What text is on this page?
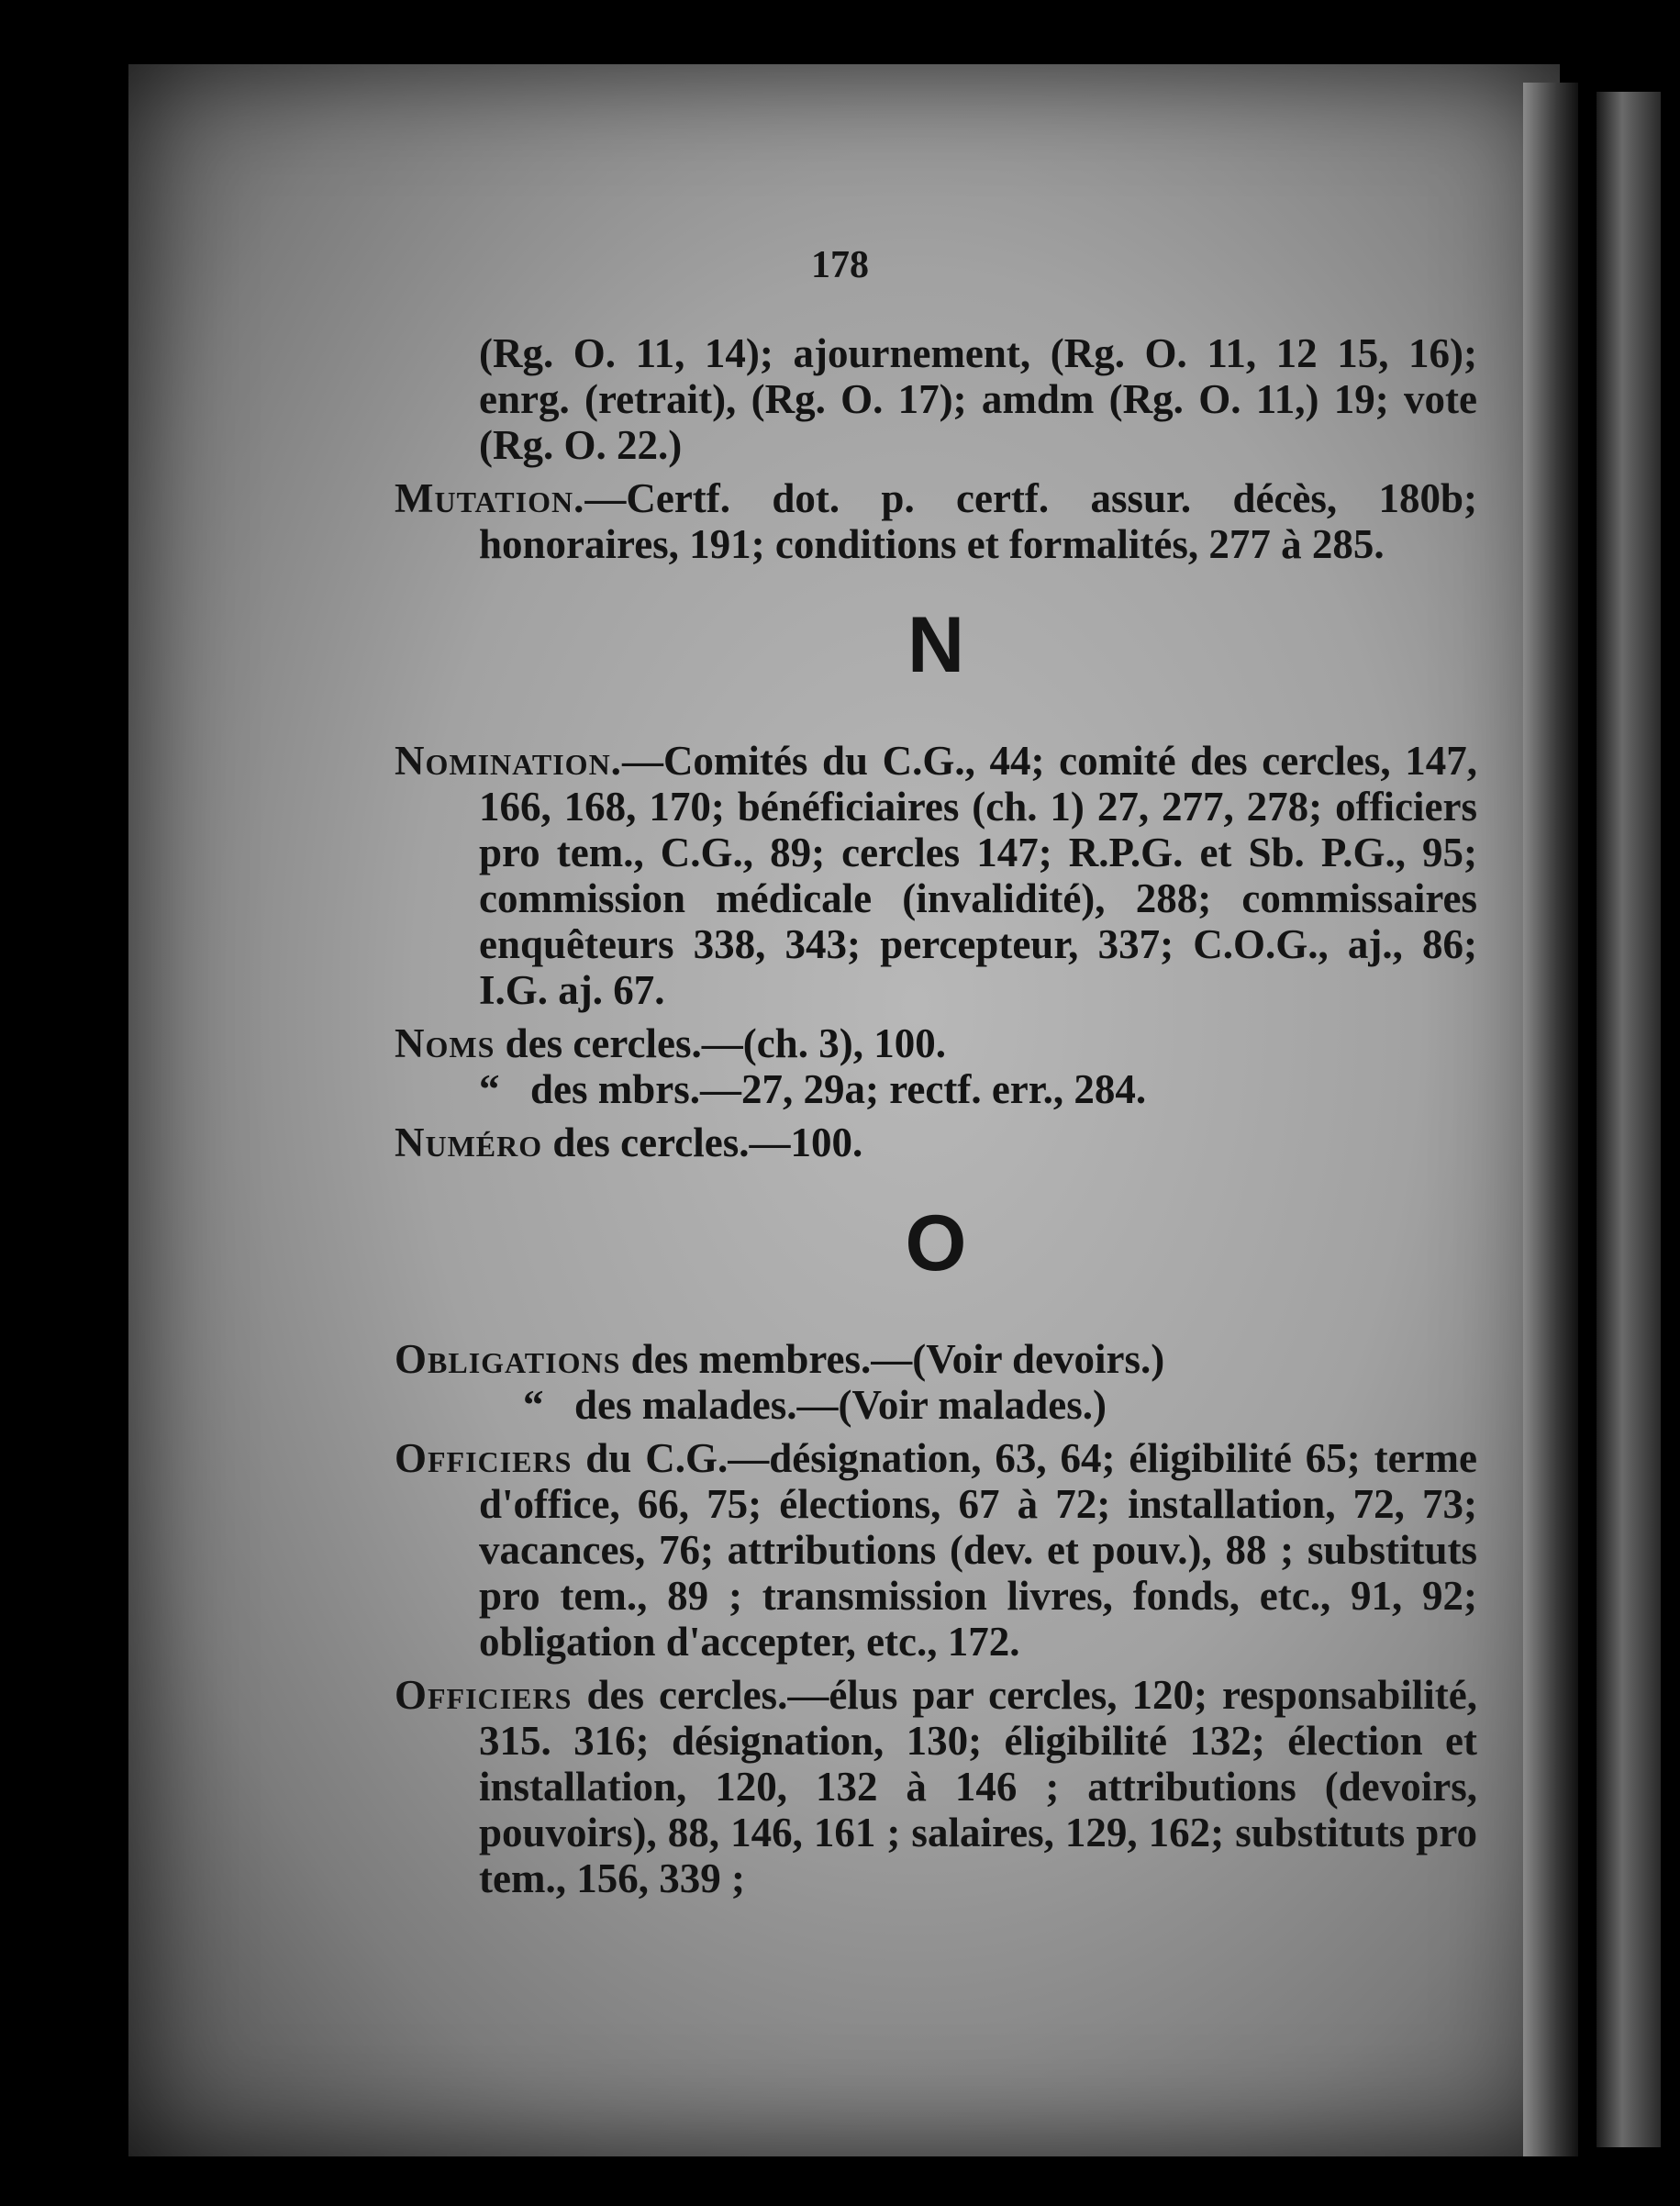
178

(Rg. O. 11, 14); ajournement, (Rg. O. 11, 12 15, 16); enrg. (retrait), (Rg. O. 17); amdm (Rg. O. 11,) 19; vote (Rg. O. 22.)

Mutation.—Certf. dot. p. certf. assur. décès, 180b; honoraires, 191; conditions et formalités, 277 à 285.

N

Nomination.—Comités du C.G., 44; comité des cercles, 147, 166, 168, 170; bénéficiaires (ch. 1) 27, 277, 278; officiers pro tem., C.G., 89; cercles 147; R.P.G. et Sb. P.G., 95; commission médicale (invalidité), 288; commissaires enquêteurs 338, 343; percepteur, 337; C.O.G., aj., 86; I.G. aj. 67.

Noms des cercles.—(ch. 3), 100.

“ des mbrs.—27, 29a; rectf. err., 284.

Numéro des cercles.—100.

O

Obligations des membres.—(Voir devoirs.)

“ des malades.—(Voir malades.)

Officiers du C.G.—désignation, 63, 64; éligibilité 65; terme d'office, 66, 75; élections, 67 à 72; installation, 72, 73; vacances, 76; attributions (dev. et pouv.), 88 ; substituts pro tem., 89 ; transmission livres, fonds, etc., 91, 92; obligation d'accepter, etc., 172.

Officiers des cercles.—élus par cercles, 120; responsabilité, 315. 316; désignation, 130; éligibilité 132; élection et installation, 120, 132 à 146 ; attributions (devoirs, pouvoirs), 88, 146, 161 ; salaires, 129, 162; substituts pro tem., 156, 339 ;
